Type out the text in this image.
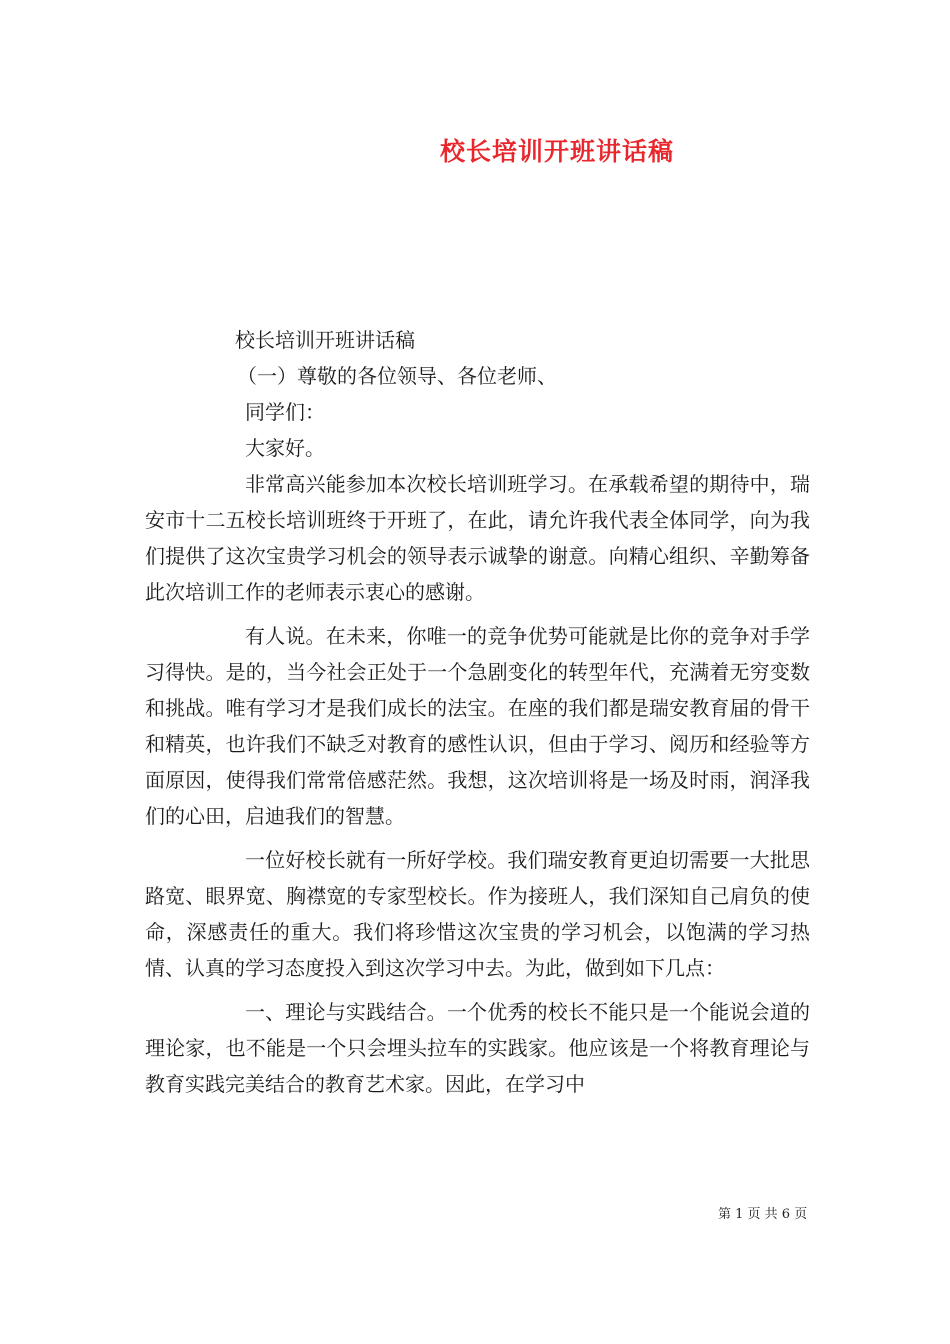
校长培训开班讲话稿

校长培训开班讲话稿

（一）尊敬的各位领导、各位老师、

同学们：

大家好。

非常高兴能参加本次校长培训班学习。在承载希望的期待中，瑞安市十二五校长培训班终于开班了，在此，请允许我代表全体同学，向为我们提供了这次宝贵学习机会的领导表示诚挚的谢意。向精心组织、辛勤筹备此次培训工作的老师表示衷心的感谢。

有人说。在未来，你唯一的竞争优势可能就是比你的竞争对手学习得快。是的，当今社会正处于一个急剧变化的转型年代，充满着无穷变数和挑战。唯有学习才是我们成长的法宝。在座的我们都是瑞安教育届的骨干和精英，也许我们不缺乏对教育的感性认识，但由于学习、阅历和经验等方面原因，使得我们常常倍感茫然。我想，这次培训将是一场及时雨，润泽我们的心田，启迪我们的智慧。

一位好校长就有一所好学校。我们瑞安教育更迫切需要一大批思路宽、眼界宽、胸襟宽的专家型校长。作为接班人，我们深知自己肩负的使命，深感责任的重大。我们将珍惜这次宝贵的学习机会，以饱满的学习热情、认真的学习态度投入到这次学习中去。为此，做到如下几点：

一、理论与实践结合。一个优秀的校长不能只是一个能说会道的理论家，也不能是一个只会埋头拉车的实践家。他应该是一个将教育理论与教育实践完美结合的教育艺术家。因此，在学习中

第 1 页 共 6 页
